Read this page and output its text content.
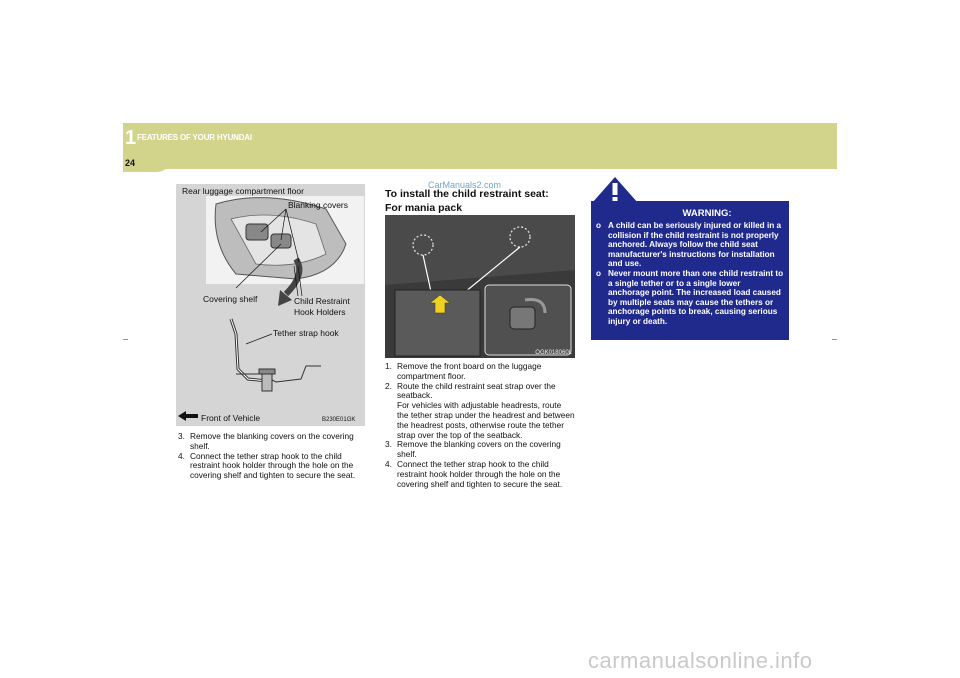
1 FEATURES OF YOUR HYUNDAI
24
Rear luggage compartment floor
Blanking covers
Covering shelf	Child Restraint
Hook Holders
Tether strap hook
Front of Vehicle	B230E01GK
3. Remove the blanking covers on the covering shelf.
4. Connect the tether strap hook to the child restraint hook holder through the hole on the covering shelf and tighten to secure the seat.
CarManuals2.com
To install the child restraint seat:
For mania pack
OGK018060L
1. Remove the front board on the luggage compartment floor.
2. Route the child restraint seat strap over the seatback.
For vehicles with adjustable headrests, route the tether strap under the headrest and between the headrest posts, otherwise route the tether strap over the top of the seatback.
3. Remove the blanking covers on the covering shelf.
4. Connect the tether strap hook to the child restraint hook holder through the hole on the covering shelf and tighten to secure the seat.
WARNING:
o A child can be seriously injured or killed in a collision if the child restraint is not properly anchored. Always follow the child seat manufacturer's instructions for installation and use.
o Never mount more than one child restraint to a single tether or to a single lower anchorage point. The increased load caused by multiple seats may cause the tethers or anchorage points to break, causing serious injury or death.
carmanualsonline.info
